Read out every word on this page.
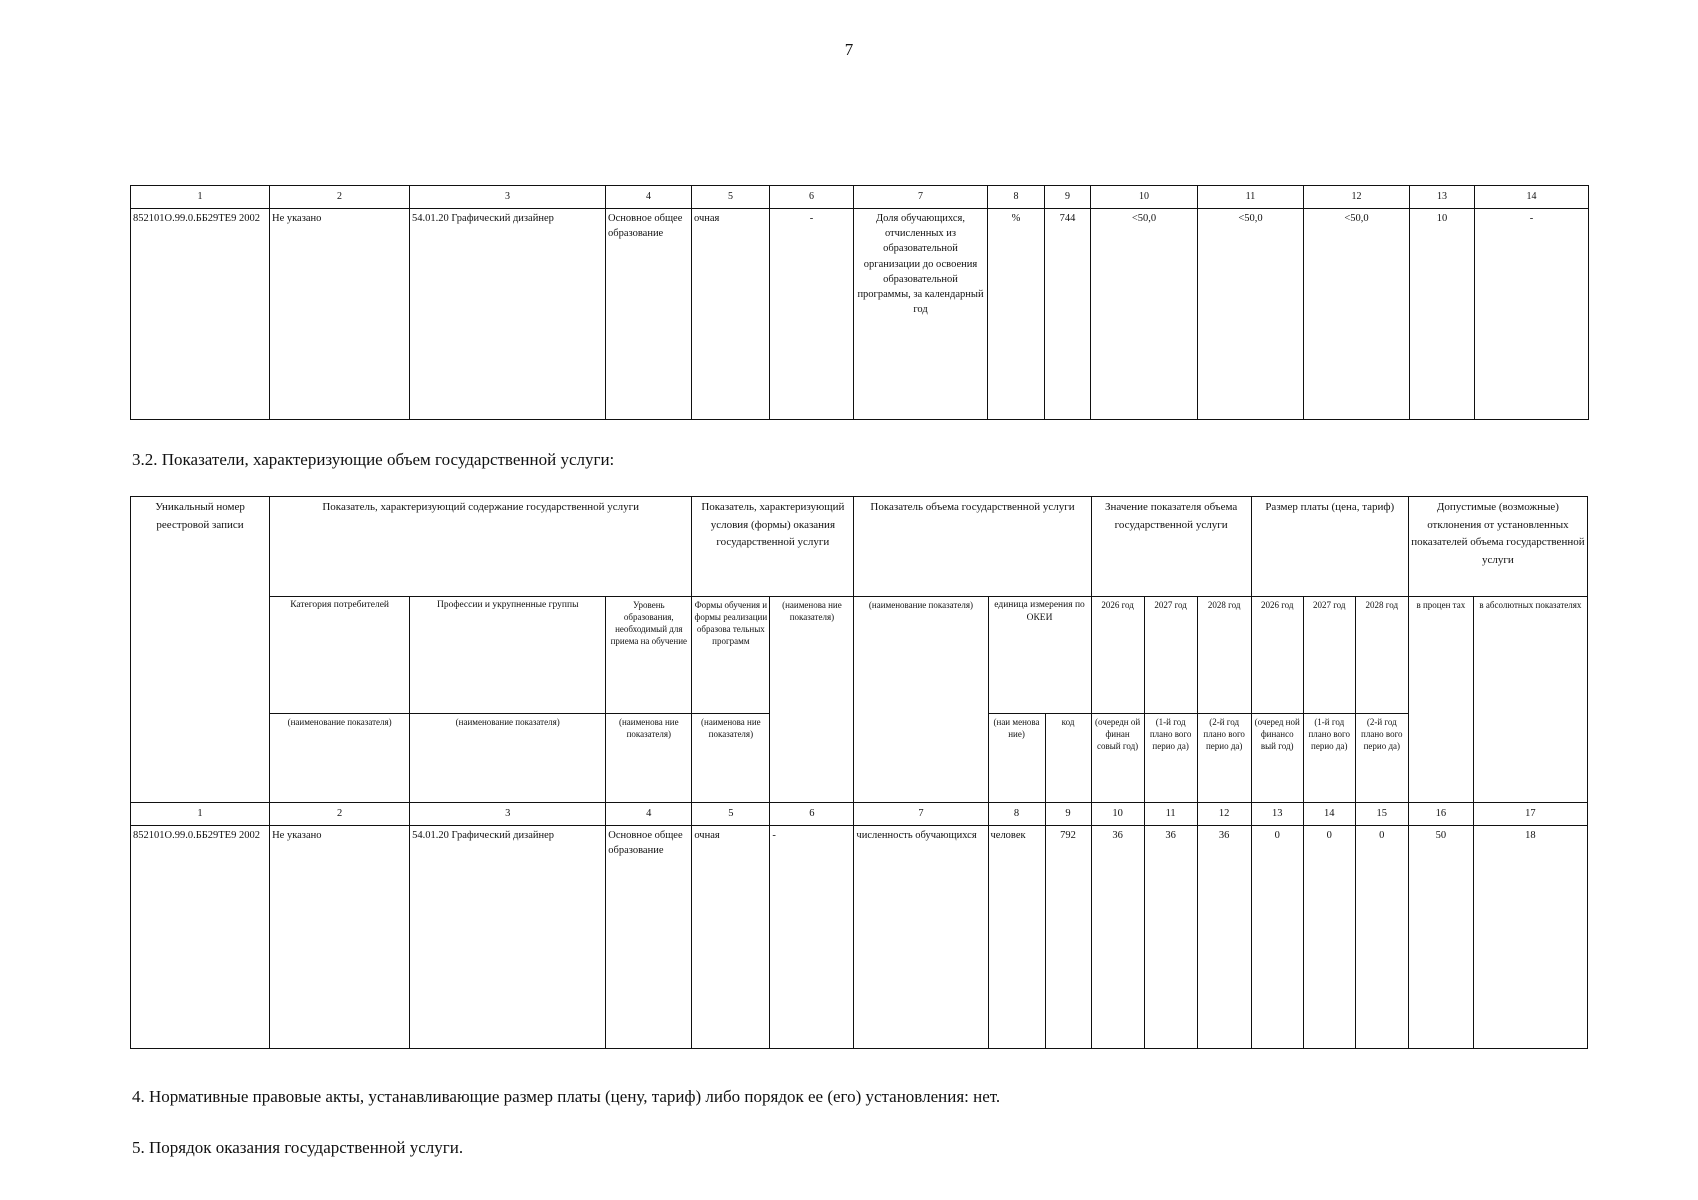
7
1	2	3	4	5	6	7	8	9	10	11	12	13	14
852101О.99.0.ББ29ТЕ9 2002	Не указано	54.01.20 Графический дизайнер	Основное общее образование	очная	-	Доля обучающихся, отчисленных из образовательной организации до освоения образовательной программы, за календарный год	%	744	<50,0	<50,0	<50,0	10	-
3.2. Показатели, характеризующие объем государственной услуги:
Уникальный номер реестровой записи	Показатель, характеризующий содержание государственной услуги			Показатель, характеризующий условия (формы) оказания государственной услуги		Показатель объема государственной услуги			Значение показателя объема государственной услуги			Размер платы (цена, тариф)			Допустимые (возможные) отклонения от установленных показателей объема государственной услуги	
	Категория потребителей	Профессии и укрупненные группы	Уровень образования, необходимый для приема на обучение	Формы обучения и формы реализации образова тельных программ	(наименова ние показателя)	(наименование показателя)	единица измерения по ОКЕИ		2026 год	2027 год	2028 год	2026 год	2027 год	2028 год	в процен тах	в абсолютных показателях
	(наименование показателя)	(наименование показателя)	(наименова ние показателя)	(наименова ние показателя)			(наи менова ние)	код	(очередн ой финан совый год)	(1-й год плано вого перио да)	(2-й год плано вого перио да)	(очеред ной финансо вый год)	(1-й год плано вого перио да)	(2-й год плано вого перио да)		
1	2	3	4	5	6	7	8	9	10	11	12	13	14	15	16	17
852101О.99.0.ББ29ТЕ9 2002	Не указано	54.01.20 Графический дизайнер	Основное общее образование	очная	-	численность обучающихся	человек	792	36	36	36	0	0	0	50	18
4. Нормативные правовые акты, устанавливающие размер платы (цену, тариф) либо порядок ее (его) установления: нет.
5. Порядок оказания государственной услуги.
